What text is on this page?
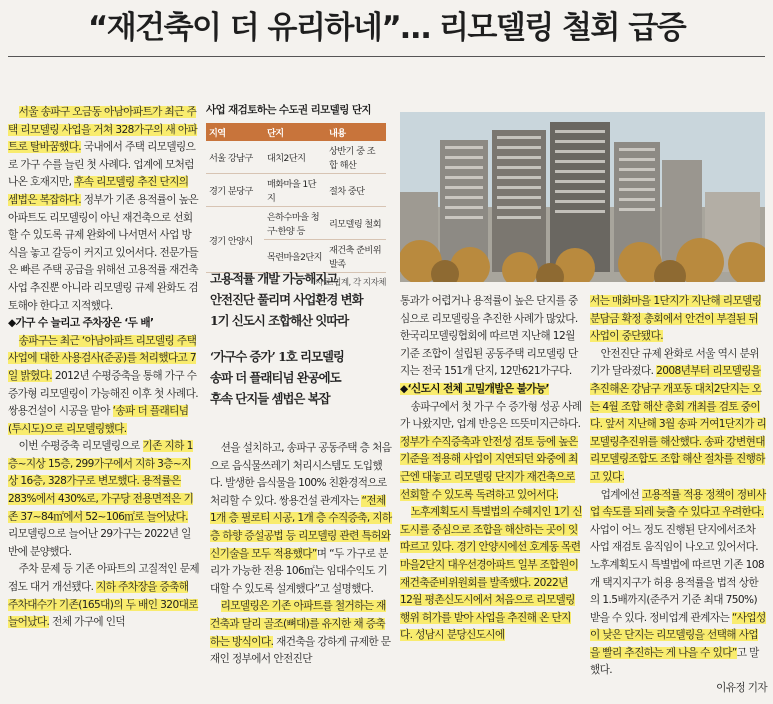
“재건축이 더 유리하네”… 리모델링 철회 급증

서울 송파구 오금동 아남아파트가 최근 주택 리모델링 사업을 거쳐 328가구의 새 아파트로 탈바꿈했다. 국내에서 주택 리모델링으로 가구 수를 늘린 첫 사례다. 업계에 모처럼 나온 호재지만, 후속 리모델링 추진 단지의 셈법은 복잡하다. 정부가 기존 용적률이 높은 아파트도 리모델링이 아닌 재건축으로 선회할 수 있도록 규제 완화에 나서면서 사업 방식을 놓고 갈등이 커지고 있어서다. 전문가들은 빠른 주택 공급을 위해선 고용적률 재건축 사업 추진뿐 아니라 리모델링 규제 완화도 검토해야 한다고 지적했다.

◆가구 수 늘리고 주차장은 ‘두 배’

송파구는 최근 ‘아남아파트 리모델링 주택사업에 대한 사용검사(준공)를 처리했다고 7일 밝혔다. 2012년 수평증축을 통해 가구 수 증가형 리모델링이 가능해진 이후 첫 사례다. 쌍용건설이 시공을 맡아 ‘송파 더 플래티넘(투시도)으로 리모델링했다.

이번 수평증축 리모델링으로 기존 지하 1층~지상 15층, 299가구에서 지하 3층~지상 16층, 328가구로 변모했다. 용적률은 283%에서 430%로, 가구당 전용면적은 기존 37~84㎡에서 52~106㎡로 늘어났다. 리모델링으로 늘어난 29가구는 2022년 일반에 분양했다.

주차 문제 등 기존 아파트의 고질적인 문제점도 대거 개선됐다. 지하 주차장을 증축해 주차대수가 기존(165대)의 두 배인 320대로 늘어났다. 전체 가구에 인덕

사업 재검토하는 수도권 리모델링 단지
지역	단지	내용
서울 강남구	대치2단지	상반기 중 조합 해산
경기 분당구	매화마을 1단지	절차 중단
경기 안양시	은하수마을 청구·한양 등	리모델링 철회
	목련마을2단지	재건축 준비위 발족
자료:업계, 각 지자체
고용적률 개발 가능해지고
안전진단 풀리며 사업환경 변화
1기 신도시 조합해산 잇따라
‘가구수 증가’ 1호 리모델링
송파 더 플래티넘 완공에도
후속 단지들 셈법은 복잡

션을 설치하고, 송파구 공동주택 층 처음으로 음식물쓰레기 처리시스템도 도입했다. 발생한 음식물을 100% 친환경적으로 처리할 수 있다. 쌍용건설 관계자는 “전체 1개 층 필로티 시공, 1개 층 수직증축, 지하층 하향 증설공법 등 리모델링 관련 특허와 신기술을 모두 적용했다”며 “두 가구로 분리가 가능한 전용 106㎡는 임대수익도 기대할 수 있도록 설계했다”고 설명했다.

리모델링은 기존 아파트를 철거하는 재건축과 달리 골조(뼈대)를 유지한 채 증축하는 방식이다. 재건축을 강하게 규제한 문재인 정부에서 안전진단

통과가 어렵거나 용적률이 높은 단지를 중심으로 리모델링을 추진한 사례가 많았다. 한국리모델링협회에 따르면 지난해 12월 기준 조합이 설립된 공동주택 리모델링 단지는 전국 151개 단지, 12만621가구다.

◆‘신도시 전체 고밀개발은 불가능’

송파구에서 첫 가구 수 증가형 성공 사례가 나왔지만, 업계 반응은 뜨뜻미지근하다. 정부가 수직증축과 안전성 검토 등에 높은 기준을 적용해 사업이 지연되던 와중에 최근엔 대놓고 리모델링 단지가 재건축으로 선회할 수 있도록 독려하고 있어서다.

노후계획도시 특별법의 수혜지인 1기 신도시를 중심으로 조합을 해산하는 곳이 잇따르고 있다. 경기 안양시에선 호계동 목련마을2단지 대우선경아파트 일부 조합원이 재건축준비위원회를 발족했다. 2022년 12월 평촌신도시에서 처음으로 리모델링 행위 허가를 받아 사업을 추진해 온 단지다. 성남시 분당신도시에

서는 매화마을 1단지가 지난해 리모델링 분담금 확정 총회에서 안건이 부결된 뒤 사업이 중단됐다.

안전진단 규제 완화로 서울 역시 분위기가 달라졌다. 2008년부터 리모델링을 추진해온 강남구 개포동 대치2단지는 오는 4월 조합 해산 총회 개최를 검토 중이다. 앞서 지난해 3월 송파 거여1단지가 리모델링추진위를 해산했다. 송파 강변현대 리모델링조합도 조합 해산 절차를 진행하고 있다.

업계에선 고용적률 적용 정책이 정비사업 속도를 되레 늦출 수 있다고 우려한다. 사업이 어느 정도 진행된 단지에서조차 사업 재검토 움직임이 나오고 있어서다. 노후계획도시 특별법에 따르면 기존 108개 택지지구가 허용 용적률을 법적 상한의 1.5배까지(준주거 기준 최대 750%) 받을 수 있다. 정비업계 관계자는 “사업성이 낮은 단지는 리모델링을 선택해 사업을 빨리 추진하는 게 나을 수 있다”고 말했다.

이유정 기자
